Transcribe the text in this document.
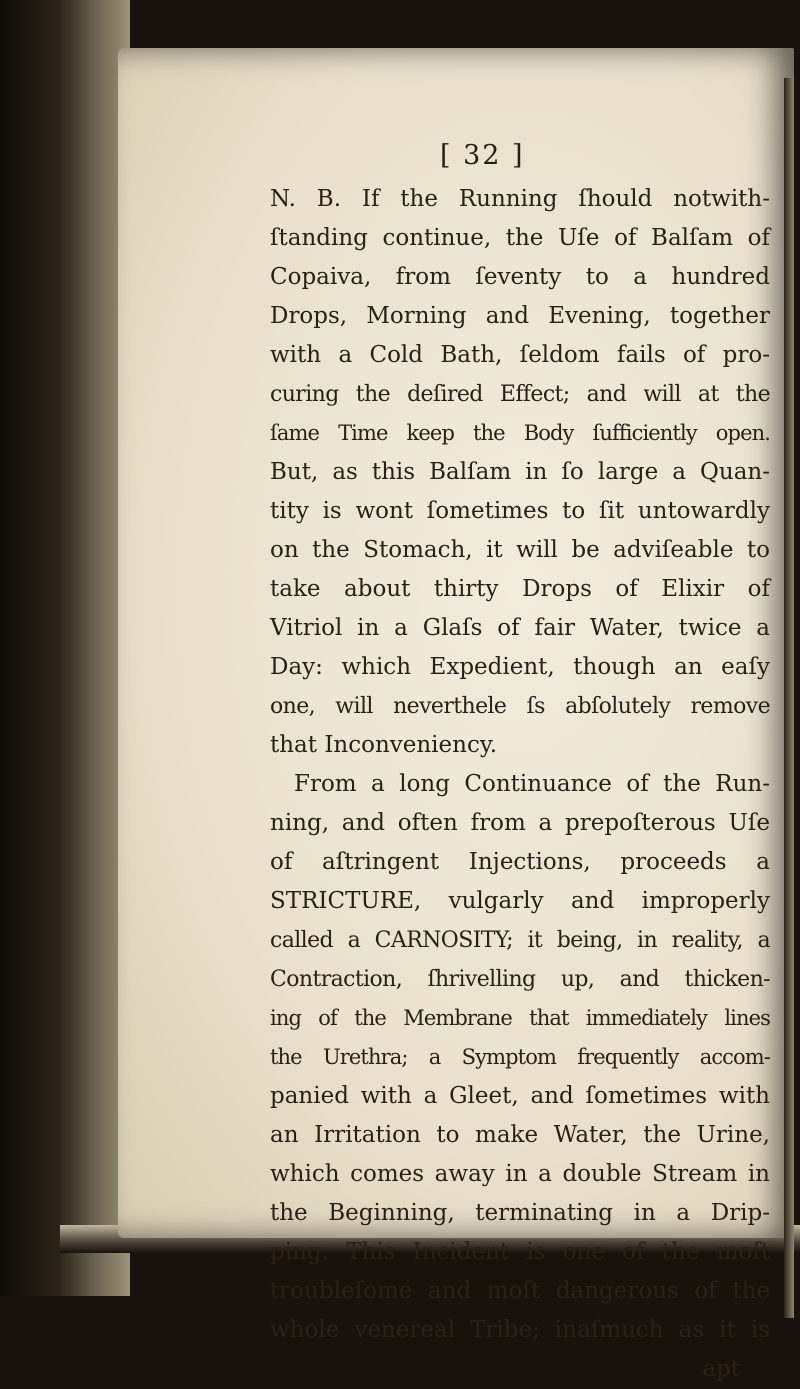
[ 32 ]
N. B. If the Running ſhould notwith-
ſtanding continue, the Uſe of Balſam of
Copaiva, from ſeventy to a hundred
Drops, Morning and Evening, together
with a Cold Bath, ſeldom fails of pro-
curing the deſired Effect; and will at the
ſame Time keep the Body ſufficiently open.
But, as this Balſam in ſo large a Quan-
tity is wont ſometimes to ſit untowardly
on the Stomach, it will be adviſeable to
take about thirty Drops of Elixir of
Vitriol in a Glaſs of fair Water, twice a
Day: which Expedient, though an eaſy
one, will neverthele ſs abſolutely remove
that Inconveniency.
From a long Continuance of the Run-
ning, and often from a prepoſterous Uſe
of aſtringent Injections, proceeds a
STRICTURE, vulgarly and improperly
called a CARNOSITY; it being, in reality, a
Contraction, ſhrivelling up, and thicken-
ing of the Membrane that immediately lines
the Urethra; a Symptom frequently accom-
panied with a Gleet, and ſometimes with
an Irritation to make Water, the Urine,
which comes away in a double Stream in
the Beginning, terminating in a Drip-
ping. This Incident is one of the moſt
troubleſome and moſt dangerous of the
whole venereal Tribe; inaſmuch as it is
apt
